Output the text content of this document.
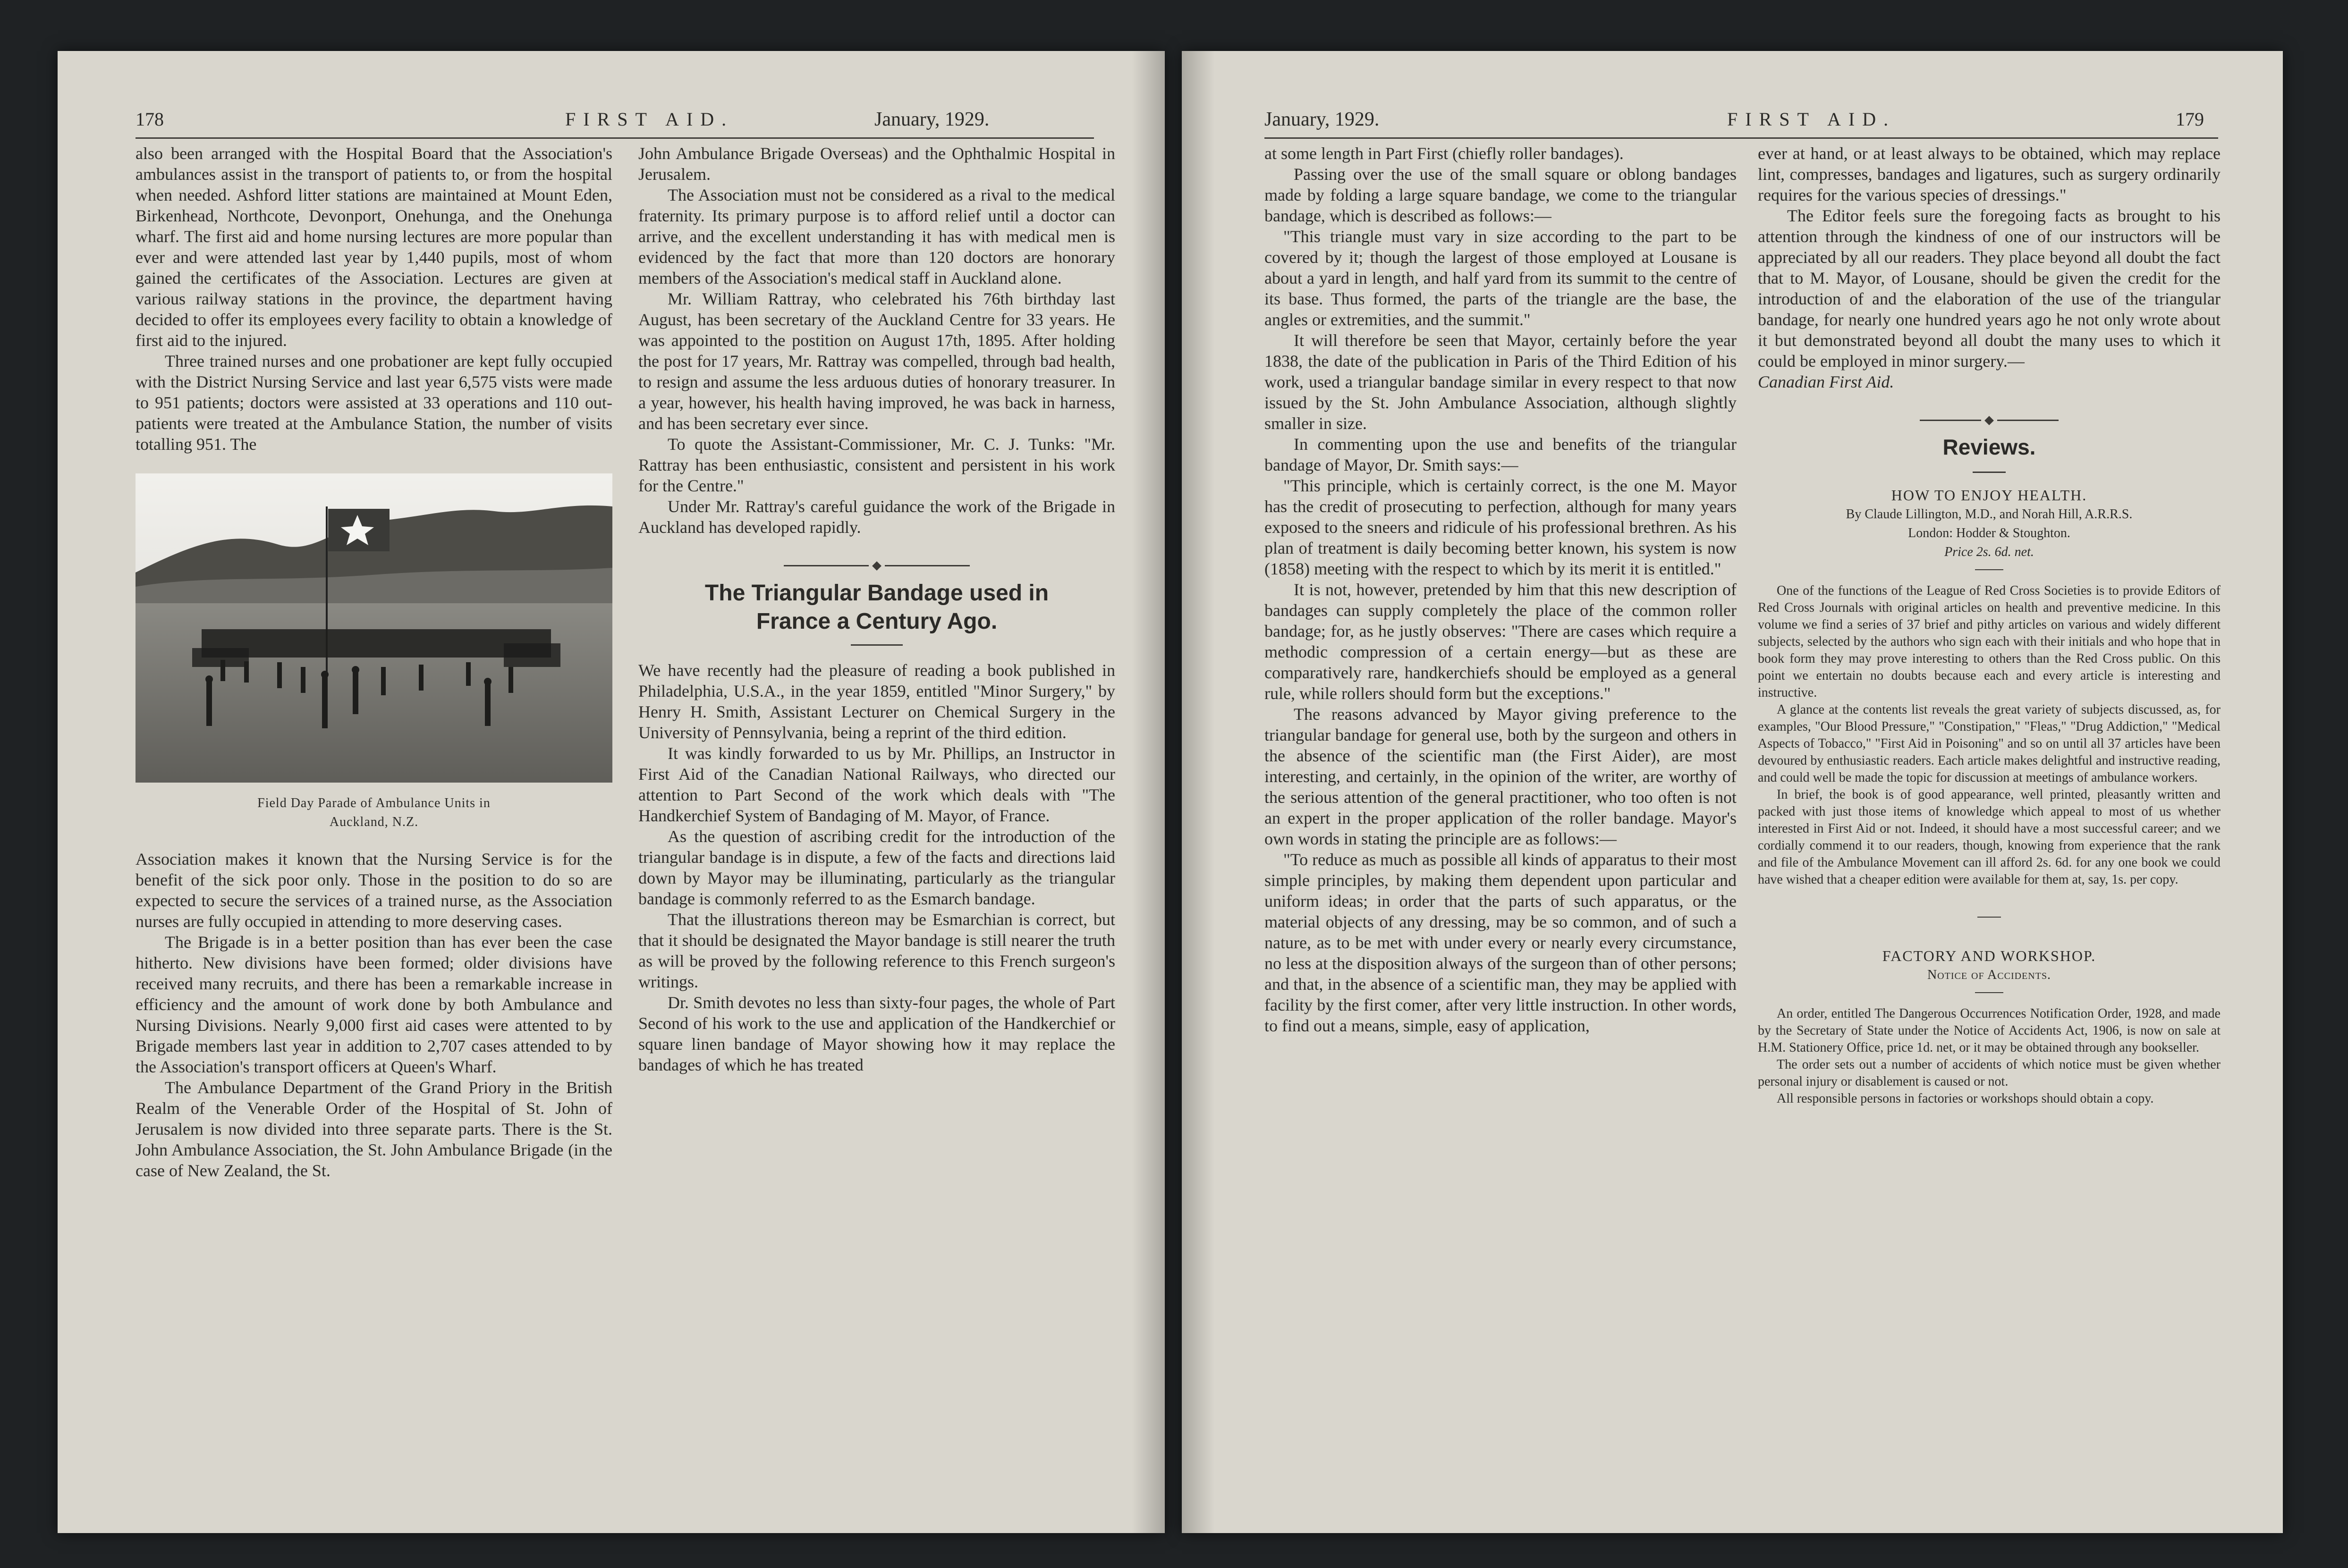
178	FIRST AID.	January, 1929.

also been arranged with the Hospital Board that the Association's ambulances assist in the transport of patients to, or from the hospital when needed. Ashford litter stations are maintained at Mount Eden, Birkenhead, Northcote, Devonport, Onehunga, and the Onehunga wharf. The first aid and home nursing lectures are more popular than ever and were attended last year by 1,440 pupils, most of whom gained the certificates of the Association. Lectures are given at various railway stations in the province, the department having decided to offer its employees every facility to obtain a knowledge of first aid to the injured.

Three trained nurses and one probationer are kept fully occupied with the District Nursing Service and last year 6,575 vists were made to 951 patients; doctors were assisted at 33 operations and 110 out-patients were treated at the Ambulance Station, the number of visits totalling 951. The

Field Day Parade of Ambulance Units in
Auckland, N.Z.

Association makes it known that the Nursing Service is for the benefit of the sick poor only. Those in the position to do so are expected to secure the services of a trained nurse, as the Association nurses are fully occupied in attending to more deserving cases.

The Brigade is in a better position than has ever been the case hitherto. New divisions have been formed; older divisions have received many recruits, and there has been a remarkable increase in efficiency and the amount of work done by both Ambulance and Nursing Divisions. Nearly 9,000 first aid cases were attented to by Brigade members last year in addition to 2,707 cases attended to by the Association's transport officers at Queen's Wharf.

The Ambulance Department of the Grand Priory in the British Realm of the Venerable Order of the Hospital of St. John of Jerusalem is now divided into three separate parts. There is the St. John Ambulance Association, the St. John Ambulance Brigade (in the case of New Zealand, the St.

John Ambulance Brigade Overseas) and the Ophthalmic Hospital in Jerusalem.

The Association must not be considered as a rival to the medical fraternity. Its primary purpose is to afford relief until a doctor can arrive, and the excellent understanding it has with medical men is evidenced by the fact that more than 120 doctors are honorary members of the Association's medical staff in Auckland alone.

Mr. William Rattray, who celebrated his 76th birthday last August, has been secretary of the Auckland Centre for 33 years. He was appointed to the postition on August 17th, 1895. After holding the post for 17 years, Mr. Rattray was compelled, through bad health, to resign and assume the less arduous duties of honorary treasurer. In a year, however, his health having improved, he was back in harness, and has been secretary ever since.

To quote the Assistant-Commissioner, Mr. C. J. Tunks: "Mr. Rattray has been enthusiastic, consistent and persistent in his work for the Centre."

Under Mr. Rattray's careful guidance the work of the Brigade in Auckland has developed rapidly.

The Triangular Bandage used in
France a Century Ago.

We have recently had the pleasure of reading a book published in Philadelphia, U.S.A., in the year 1859, entitled "Minor Surgery," by Henry H. Smith, Assistant Lecturer on Chemical Surgery in the University of Pennsylvania, being a reprint of the third edition.

It was kindly forwarded to us by Mr. Phillips, an Instructor in First Aid of the Canadian National Railways, who directed our attention to Part Second of the work which deals with "The Handkerchief System of Bandaging of M. Mayor, of France.

As the question of ascribing credit for the introduction of the triangular bandage is in dispute, a few of the facts and directions laid down by Mayor may be illuminating, particularly as the triangular bandage is commonly referred to as the Esmarch bandage.

That the illustrations thereon may be Esmarchian is correct, but that it should be designated the Mayor bandage is still nearer the truth as will be proved by the following reference to this French surgeon's writings.

Dr. Smith devotes no less than sixty-four pages, the whole of Part Second of his work to the use and application of the Handkerchief or square linen bandage of Mayor showing how it may replace the bandages of which he has treated

January, 1929.	FIRST AID.	179

at some length in Part First (chiefly roller bandages).

Passing over the use of the small square or oblong bandages made by folding a large square bandage, we come to the triangular bandage, which is described as follows:—

"This triangle must vary in size according to the part to be covered by it; though the largest of those employed at Lousane is about a yard in length, and half yard from its summit to the centre of its base. Thus formed, the parts of the triangle are the base, the angles or extremities, and the summit."

It will therefore be seen that Mayor, certainly before the year 1838, the date of the publication in Paris of the Third Edition of his work, used a triangular bandage similar in every respect to that now issued by the St. John Ambulance Association, although slightly smaller in size.

In commenting upon the use and benefits of the triangular bandage of Mayor, Dr. Smith says:—

"This principle, which is certainly correct, is the one M. Mayor has the credit of prosecuting to perfection, although for many years exposed to the sneers and ridicule of his professional brethren. As his plan of treatment is daily becoming better known, his system is now (1858) meeting with the respect to which by its merit it is entitled."

It is not, however, pretended by him that this new description of bandages can supply completely the place of the common roller bandage; for, as he justly observes: "There are cases which require a methodic compression of a certain energy—but as these are comparatively rare, handkerchiefs should be employed as a general rule, while rollers should form but the exceptions."

The reasons advanced by Mayor giving preference to the triangular bandage for general use, both by the surgeon and others in the absence of the scientific man (the First Aider), are most interesting, and certainly, in the opinion of the writer, are worthy of the serious attention of the general practitioner, who too often is not an expert in the proper application of the roller bandage. Mayor's own words in stating the principle are as follows:—

"To reduce as much as possible all kinds of apparatus to their most simple principles, by making them dependent upon particular and uniform ideas; in order that the parts of such apparatus, or the material objects of any dressing, may be so common, and of such a nature, as to be met with under every or nearly every circumstance, no less at the disposition always of the surgeon than of other persons; and that, in the absence of a scientific man, they may be applied with facility by the first comer, after very little instruction. In other words, to find out a means, simple, easy of application,

ever at hand, or at least always to be obtained, which may replace lint, compresses, bandages and ligatures, such as surgery ordinarily requires for the various species of dressings."

The Editor feels sure the foregoing facts as brought to his attention through the kindness of one of our instructors will be appreciated by all our readers. They place beyond all doubt the fact that to M. Mayor, of Lousane, should be given the credit for the introduction of and the elaboration of the use of the triangular bandage, for nearly one hundred years ago he not only wrote about it but demonstrated beyond all doubt the many uses to which it could be employed in minor surgery.—

Canadian First Aid.

Reviews.
HOW TO ENJOY HEALTH.
By Claude Lillington, M.D., and Norah Hill, A.R.R.S.
London: Hodder & Stoughton.
Price 2s. 6d. net.

One of the functions of the League of Red Cross Societies is to provide Editors of Red Cross Journals with original articles on health and preventive medicine. In this volume we find a series of 37 brief and pithy articles on various and widely different subjects, selected by the authors who sign each with their initials and who hope that in book form they may prove interesting to others than the Red Cross public. On this point we entertain no doubts because each and every article is interesting and instructive.

A glance at the contents list reveals the great variety of subjects discussed, as, for examples, "Our Blood Pressure," "Constipation," "Fleas," "Drug Addiction," "Medical Aspects of Tobacco," "First Aid in Poisoning" and so on until all 37 articles have been devoured by enthusiastic readers. Each article makes delightful and instructive reading, and could well be made the topic for discussion at meetings of ambulance workers.

In brief, the book is of good appearance, well printed, pleasantly written and packed with just those items of knowledge which appeal to most of us whether interested in First Aid or not. Indeed, it should have a most successful career; and we cordially commend it to our readers, though, knowing from experience that the rank and file of the Ambulance Movement can ill afford 2s. 6d. for any one book we could have wished that a cheaper edition were available for them at, say, 1s. per copy.

FACTORY AND WORKSHOP.
Notice of Accidents.

An order, entitled The Dangerous Occurrences Notification Order, 1928, and made by the Secretary of State under the Notice of Accidents Act, 1906, is now on sale at H.M. Stationery Office, price 1d. net, or it may be obtained through any bookseller.

The order sets out a number of accidents of which notice must be given whether personal injury or disablement is caused or not.

All responsible persons in factories or workshops should obtain a copy.
